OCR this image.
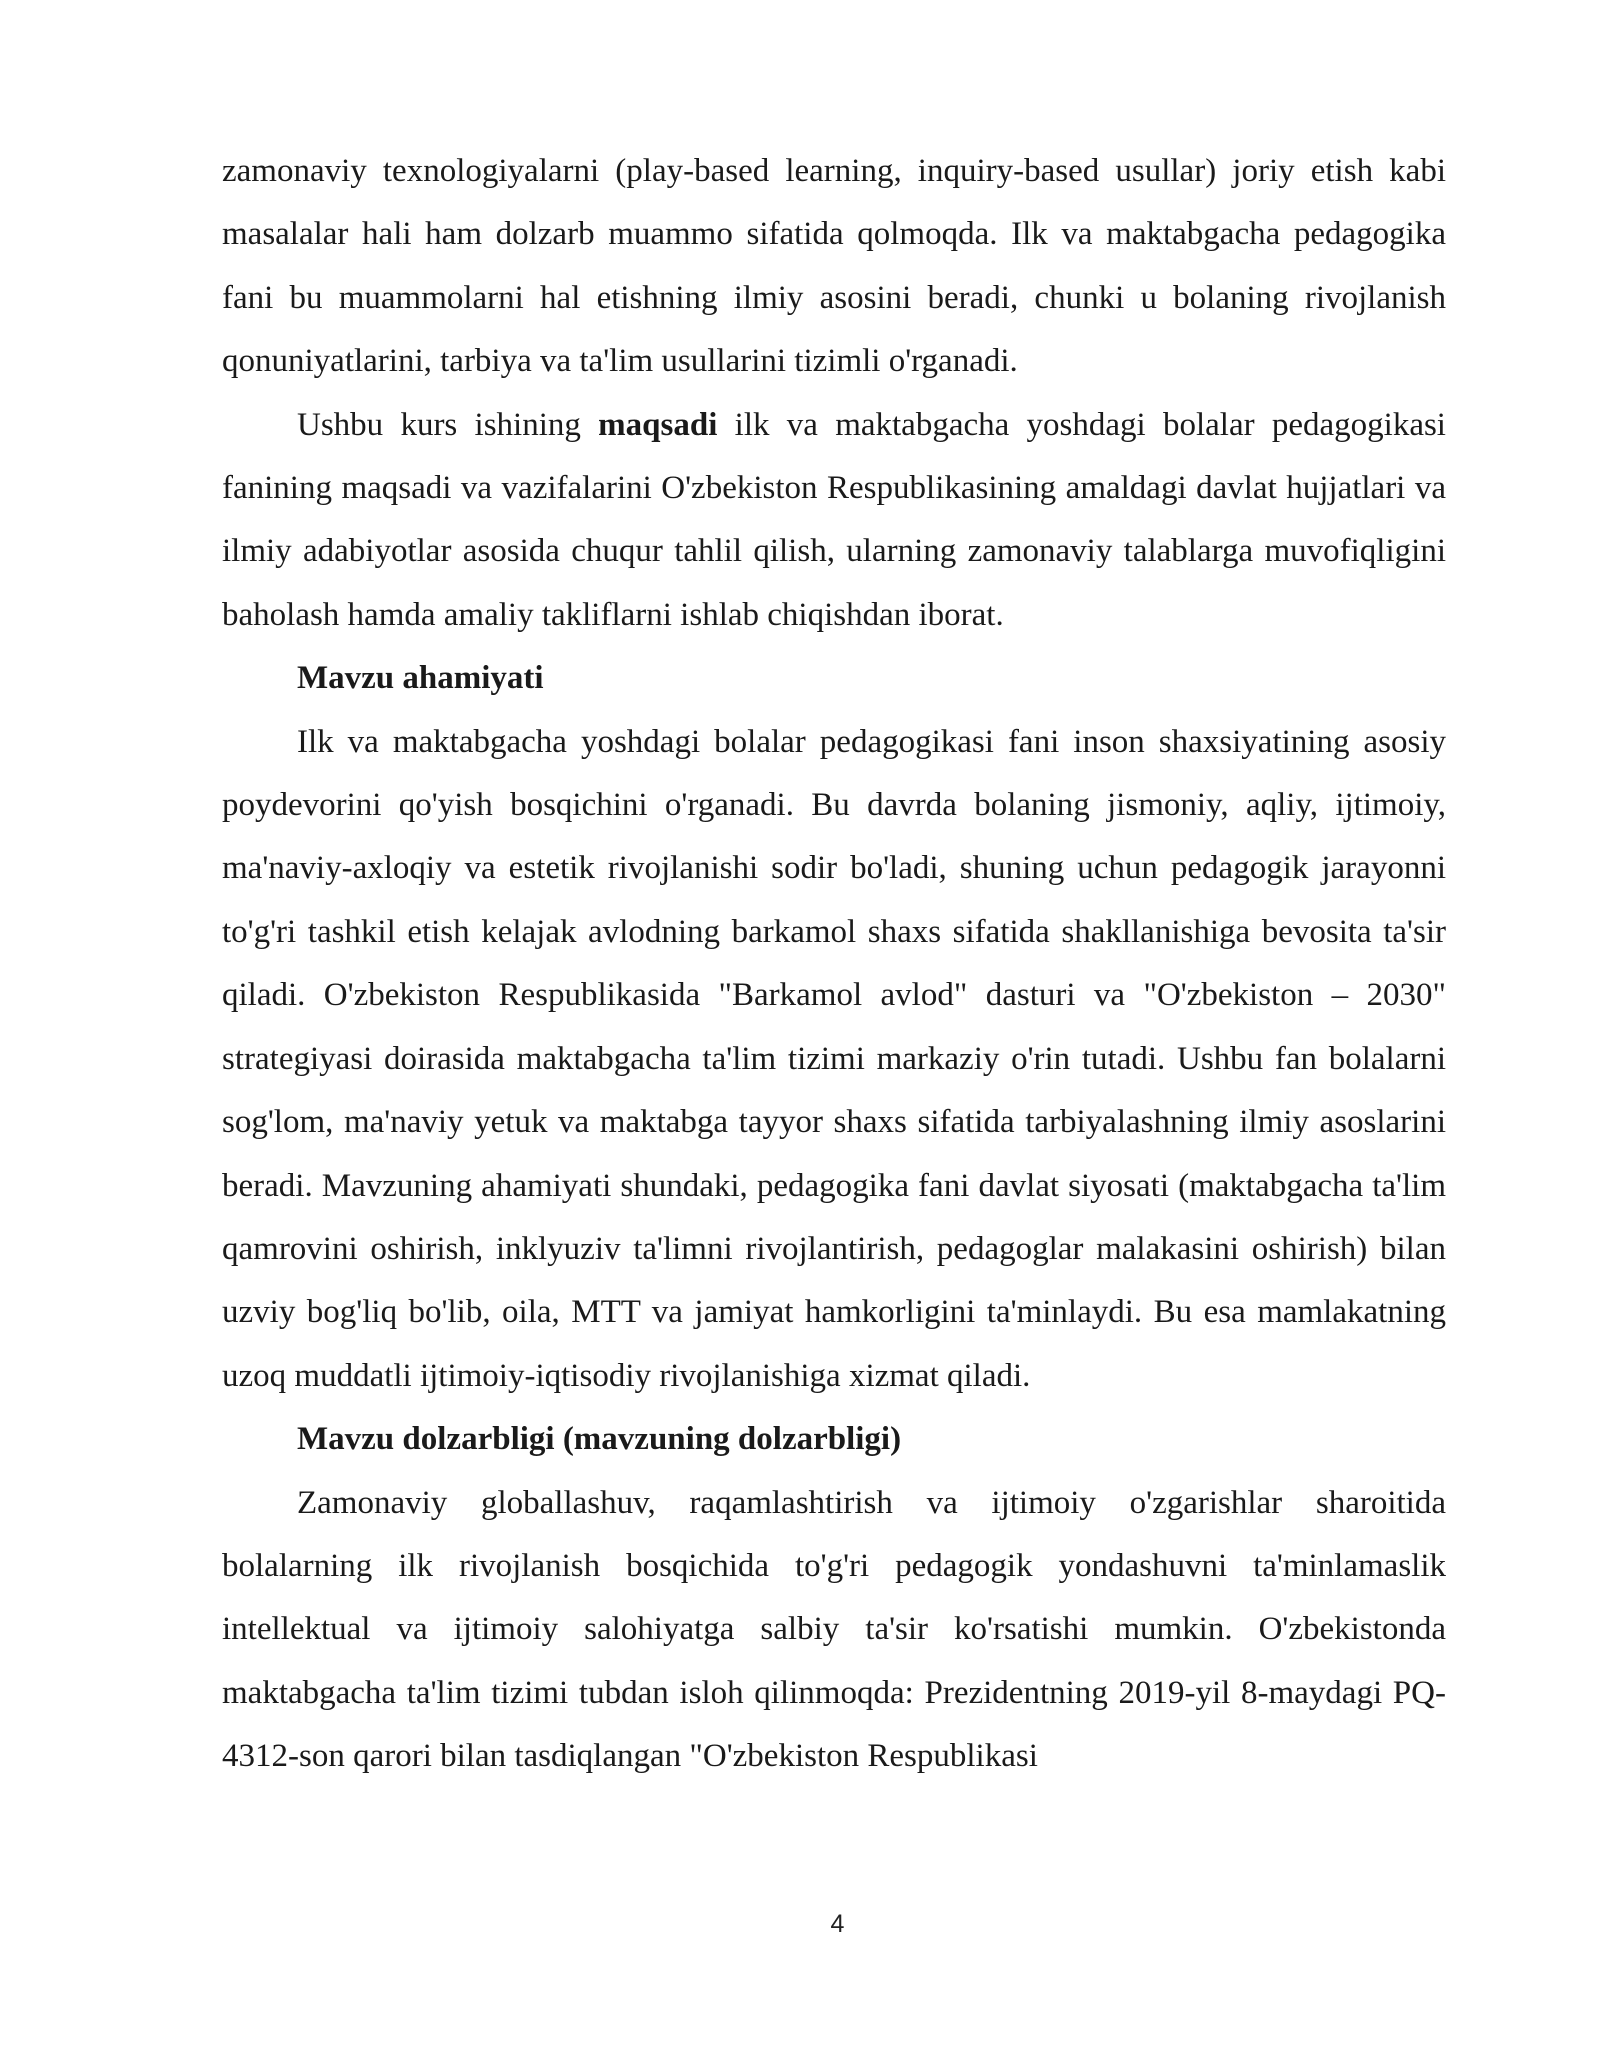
zamonaviy texnologiyalarni (play-based learning, inquiry-based usullar) joriy etish kabi masalalar hali ham dolzarb muammo sifatida qolmoqda. Ilk va maktabgacha pedagogika fani bu muammolarni hal etishning ilmiy asosini beradi, chunki u bolaning rivojlanish qonuniyatlarini, tarbiya va ta'lim usullarini tizimli o'rganadi.

Ushbu kurs ishining maqsadi ilk va maktabgacha yoshdagi bolalar pedagogikasi fanining maqsadi va vazifalarini O'zbekiston Respublikasining amaldagi davlat hujjatlari va ilmiy adabiyotlar asosida chuqur tahlil qilish, ularning zamonaviy talablarga muvofiqligini baholash hamda amaliy takliflarni ishlab chiqishdan iborat.

Mavzu ahamiyati

Ilk va maktabgacha yoshdagi bolalar pedagogikasi fani inson shaxsiyatining asosiy poydevorini qo'yish bosqichini o'rganadi. Bu davrda bolaning jismoniy, aqliy, ijtimoiy, ma'naviy-axloqiy va estetik rivojlanishi sodir bo'ladi, shuning uchun pedagogik jarayonni to'g'ri tashkil etish kelajak avlodning barkamol shaxs sifatida shakllanishiga bevosita ta'sir qiladi. O'zbekiston Respublikasida "Barkamol avlod" dasturi va "O'zbekiston – 2030" strategiyasi doirasida maktabgacha ta'lim tizimi markaziy o'rin tutadi. Ushbu fan bolalarni sog'lom, ma'naviy yetuk va maktabga tayyor shaxs sifatida tarbiyalashning ilmiy asoslarini beradi. Mavzuning ahamiyati shundaki, pedagogika fani davlat siyosati (maktabgacha ta'lim qamrovini oshirish, inklyuziv ta'limni rivojlantirish, pedagoglar malakasini oshirish) bilan uzviy bog'liq bo'lib, oila, MTT va jamiyat hamkorligini ta'minlaydi. Bu esa mamlakatning uzoq muddatli ijtimoiy-iqtisodiy rivojlanishiga xizmat qiladi.

Mavzu dolzarbligi (mavzuning dolzarbligi)

Zamonaviy globallashuv, raqamlashtirish va ijtimoiy o'zgarishlar sharoitida bolalarning ilk rivojlanish bosqichida to'g'ri pedagogik yondashuvni ta'minlamaslik intellektual va ijtimoiy salohiyatga salbiy ta'sir ko'rsatishi mumkin. O'zbekistonda maktabgacha ta'lim tizimi tubdan isloh qilinmoqda: Prezidentning 2019-yil 8-maydagi PQ-4312-son qarori bilan tasdiqlangan "O'zbekiston Respublikasi

4
